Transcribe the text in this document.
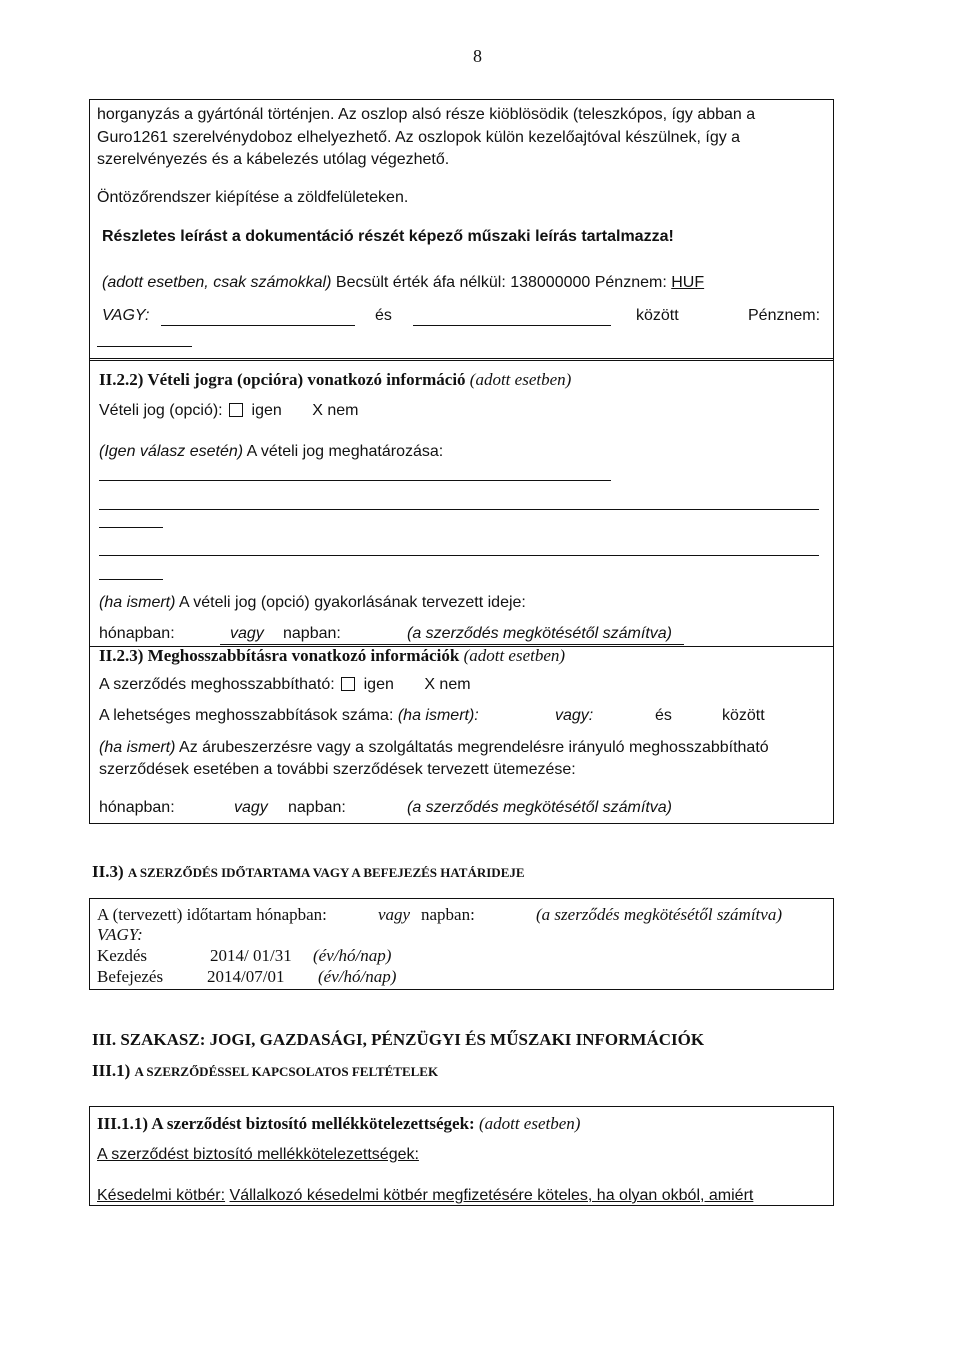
8
horganyzás a gyártónál történjen. Az oszlop alsó része kiöblösödik (teleszkópos, így abban a
Guro1261 szerelvénydoboz elhelyezhető. Az oszlopok külön kezelőajtóval készülnek, így a
szerelvényezés és a kábelezés utólag végezhető.
Öntözőrendszer kiépítése a zöldfelületeken.
Részletes leírást a dokumentáció részét képező műszaki leírás tartalmazza!
(adott esetben, csak számokkal) Becsült érték áfa nélkül: 138000000 Pénznem: HUF
VAGY:	és	között	Pénznem:
II.2.2) Vételi jogra (opcióra) vonatkozó információ (adott esetben)
Vételi jog (opció): igen X nem
(Igen válasz esetén) A vételi jog meghatározása:
(ha ismert) A vételi jog (opció) gyakorlásának tervezett ideje:
hónapban:	vagy napban:	(a szerződés megkötésétől számítva)
II.2.3) Meghosszabbításra vonatkozó információk (adott esetben)
A szerződés meghosszabbítható: igen X nem
A lehetséges meghosszabbítások száma: (ha ismert):	vagy:	és	között
(ha ismert) Az árubeszerzésre vagy a szolgáltatás megrendelésre irányuló meghosszabbítható
szerződések esetében a további szerződések tervezett ütemezése:
hónapban:	vagy napban:	(a szerződés megkötésétől számítva)
II.3) A SZERZŐDÉS IDŐTARTAMA VAGY A BEFEJEZÉS HATÁRIDEJE
A (tervezett) időtartam hónapban:	vagy napban:	(a szerződés megkötésétől számítva)
VAGY:
Kezdés	2014/ 01/31 (év/hó/nap)
Befejezés	2014/07/01 (év/hó/nap)
III. SZAKASZ: JOGI, GAZDASÁGI, PÉNZÜGYI ÉS MŰSZAKI INFORMÁCIÓK
III.1) A SZERZŐDÉSSEL KAPCSOLATOS FELTÉTELEK
III.1.1) A szerződést biztosító mellékkötelezettségek: (adott esetben)
A szerződést biztosító mellékkötelezettségek:
Késedelmi kötbér: Vállalkozó késedelmi kötbér megfizetésére köteles, ha olyan okból, amiért
